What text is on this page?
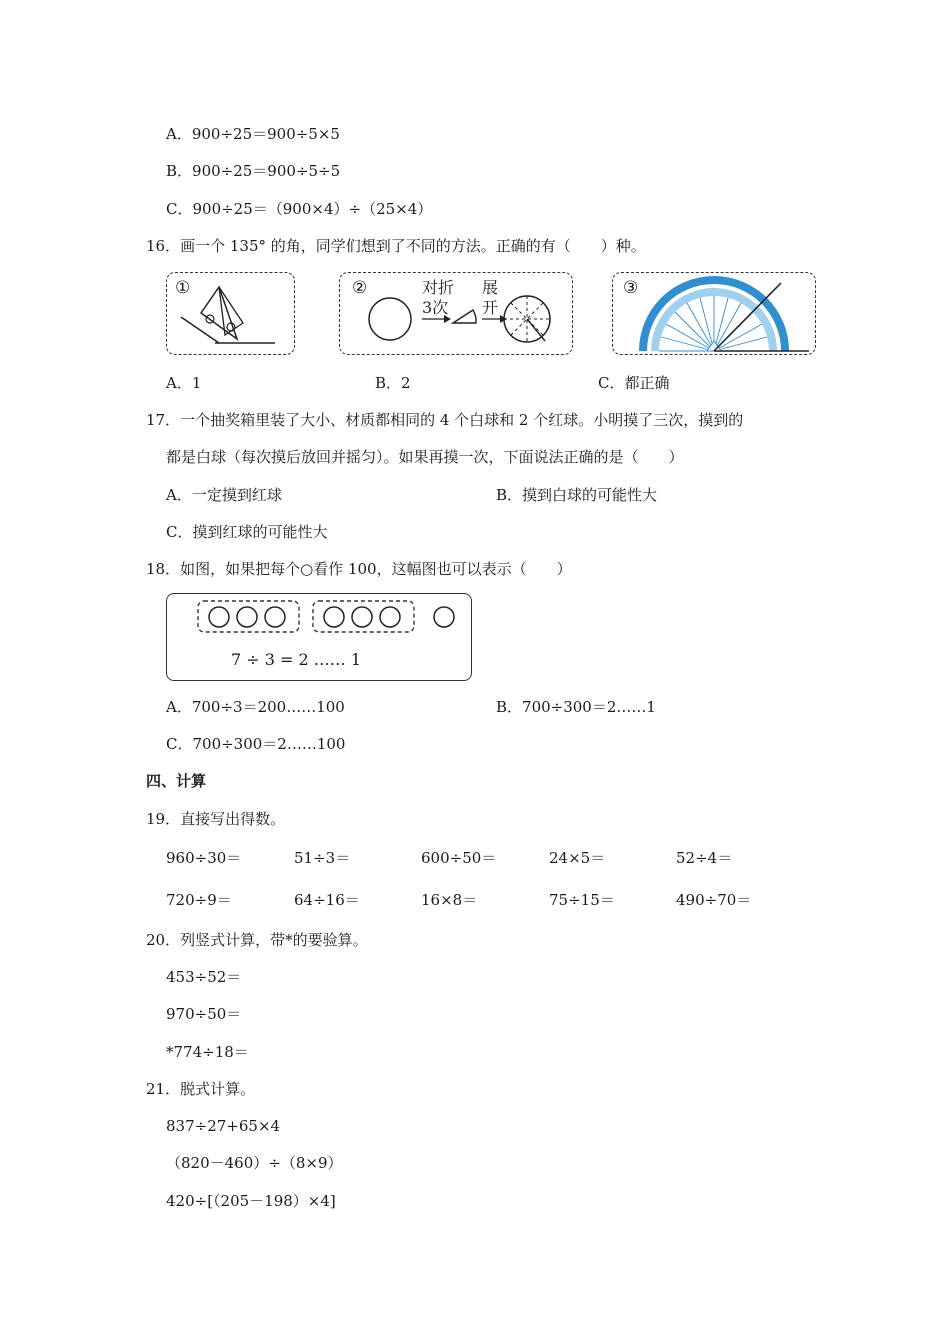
A．900÷25＝900÷5×5
B．900÷25＝900÷5÷5
C．900÷25＝（900×4）÷（25×4）
16．画一个 135° 的角，同学们想到了不同的方法。正确的有（　　）种。
①	②	对折
3次
展
开
③
A．1	B．2	C．都正确
17．一个抽奖箱里装了大小、材质都相同的 4 个白球和 2 个红球。小明摸了三次，摸到的
都是白球（每次摸后放回并摇匀）。如果再摸一次，下面说法正确的是（　　）
A．一定摸到红球	B．摸到白球的可能性大
C．摸到红球的可能性大
18．如图，如果把每个○看作 100，这幅图也可以表示（　　）
7 ÷ 3 = 2 …… 1
A．700÷3＝200……100	B．700÷300＝2……1
C．700÷300＝2……100
四、计算
19．直接写出得数。
960÷30＝	51÷3＝	600÷50＝	24×5＝	52÷4＝
720÷9＝	64÷16＝	16×8＝	75÷15＝	490÷70＝
20．列竖式计算，带*的要验算。
453÷52＝
970÷50＝
*774÷18＝
21．脱式计算。
837÷27+65×4
（820－460）÷（8×9）
420÷[（205－198）×4]
